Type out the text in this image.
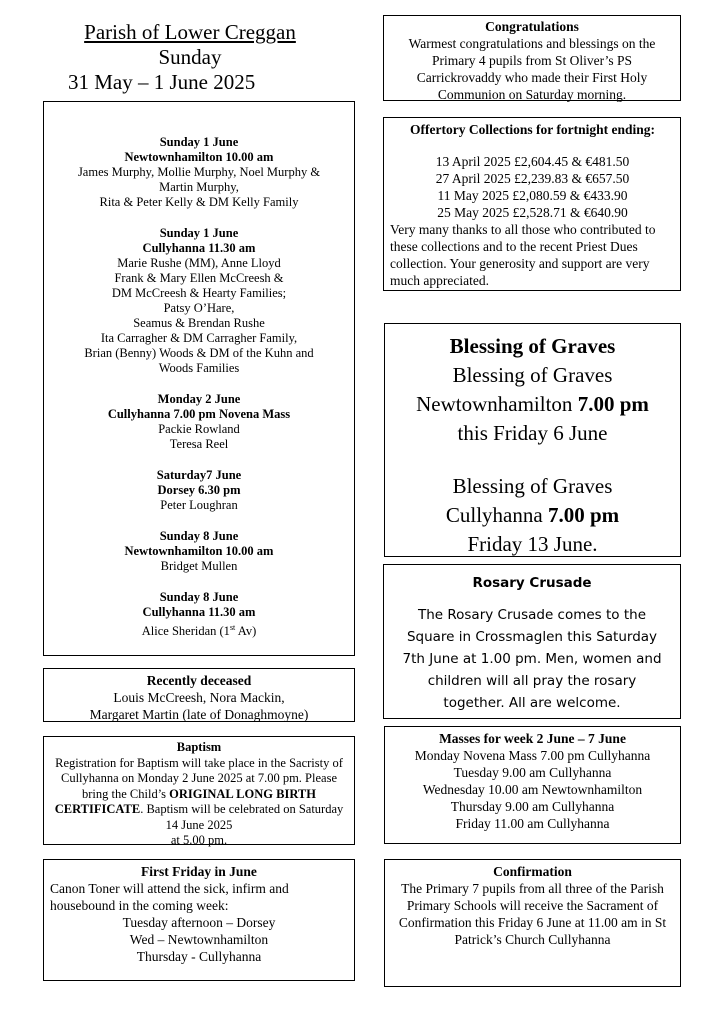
Parish of Lower Creggan
Sunday
31 May – 1 June 2025

Sunday 1 June

Newtownhamilton 10.00 am

James Murphy, Mollie Murphy, Noel Murphy &

Martin Murphy,

Rita & Peter Kelly & DM Kelly Family

Sunday 1 June

Cullyhanna 11.30 am

Marie Rushe (MM), Anne Lloyd

Frank & Mary Ellen McCreesh &

DM McCreesh & Hearty Families;

Patsy O’Hare,

Seamus & Brendan Rushe

Ita Carragher & DM Carragher Family,

Brian (Benny) Woods & DM of the Kuhn and

Woods Families

Monday 2 June

Cullyhanna 7.00 pm Novena Mass

Packie Rowland

Teresa Reel

Saturday7 June

Dorsey 6.30 pm

Peter Loughran

Sunday 8 June

Newtownhamilton 10.00 am

Bridget Mullen

Sunday 8 June

Cullyhanna 11.30 am

Alice Sheridan (1st Av)

Recently deceased

Louis McCreesh, Nora Mackin,

Margaret Martin (late of Donaghmoyne)

Baptism

Registration for Baptism will take place in the Sacristy of Cullyhanna on Monday 2 June 2025 at 7.00 pm. Please bring the Child’s ORIGINAL LONG BIRTH CERTIFICATE. Baptism will be celebrated on Saturday 14 June 2025

at 5.00 pm.

First Friday in June

Canon Toner will attend the sick, infirm and housebound in the coming week:

Tuesday afternoon – Dorsey

Wed – Newtownhamilton

Thursday - Cullyhanna

Congratulations

Warmest congratulations and blessings on the Primary 4 pupils from St Oliver’s PS Carrickrovaddy who made their First Holy Communion on Saturday morning.

Offertory Collections for fortnight ending:

13 April 2025 £2,604.45 & €481.50

27 April 2025 £2,239.83 & €657.50

11 May 2025 £2,080.59 & €433.90

25 May 2025 £2,528.71 & €640.90

Very many thanks to all those who contributed to these collections and to the recent Priest Dues collection. Your generosity and support are very much appreciated.

Blessing of Graves

Blessing of Graves

Newtownhamilton 7.00 pm

this Friday 6 June

Blessing of Graves

Cullyhanna 7.00 pm

Friday 13 June.

Rosary Crusade

The Rosary Crusade comes to the Square in Crossmaglen this Saturday 7th June at 1.00 pm. Men, women and children will all pray the rosary together. All are welcome.

Masses for week 2 June – 7 June

Monday Novena Mass 7.00 pm Cullyhanna

Tuesday 9.00 am Cullyhanna

Wednesday 10.00 am Newtownhamilton

Thursday 9.00 am Cullyhanna

Friday 11.00 am Cullyhanna

Confirmation

The Primary 7 pupils from all three of the Parish Primary Schools will receive the Sacrament of Confirmation this Friday 6 June at 11.00 am in St Patrick’s Church Cullyhanna
